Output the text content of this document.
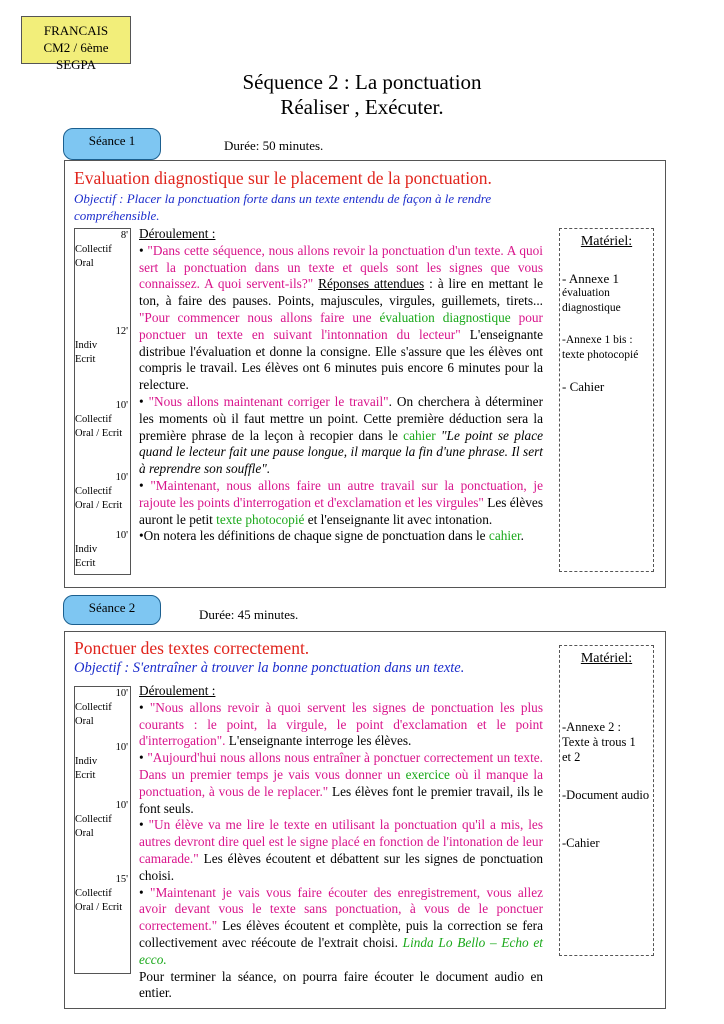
FRANCAIS
CM2 / 6ème SEGPA
Séquence 2 : La ponctuation
Réaliser , Exécuter.
Séance 1	Durée: 50 minutes.
Evaluation diagnostique sur le placement de la ponctuation.
Objectif : Placer la ponctuation forte dans un texte entendu de façon à le rendre compréhensible.
8'
Collectif
Oral
12'
Indiv
Ecrit
10'
Collectif
Oral / Ecrit
10'
Collectif
Oral / Ecrit
10'
Indiv
Ecrit
Déroulement :
• "Dans cette séquence, nous allons revoir la ponctuation d'un texte. A quoi sert la ponctuation dans un texte et quels sont les signes que vous connaissez. A quoi servent-ils?" Réponses attendues : à lire en mettant le ton, à faire des pauses. Points, majuscules, virgules, guillemets, tirets... "Pour commencer nous allons faire une évaluation diagnostique pour ponctuer un texte en suivant l'intonnation du lecteur" L'enseignante distribue l'évaluation et donne la consigne. Elle s'assure que les élèves ont compris le travail. Les élèves ont 6 minutes puis encore 6 minutes pour la relecture.
• "Nous allons maintenant corriger le travail". On cherchera à déterminer les moments où il faut mettre un point. Cette première déduction sera la première phrase de la leçon à recopier dans le cahier "Le point se place quand le lecteur fait une pause longue, il marque la fin d'une phrase. Il sert à reprendre son souffle".
• "Maintenant, nous allons faire un autre travail sur la ponctuation, je rajoute les points d'interrogation et d'exclamation et les virgules" Les élèves auront le petit texte photocopié et l'enseignante lit avec intonation.
•On notera les définitions de chaque signe de ponctuation dans le cahier.
Matériel:
- Annexe 1
évaluation
diagnostique
-Annexe 1 bis :
texte photocopié
- Cahier
Séance 2	Durée: 45 minutes.
Ponctuer des textes correctement.
Objectif : S'entraîner à trouver la bonne ponctuation dans un texte.
10'
Collectif
Oral
10'
Indiv
Ecrit
10'
Collectif
Oral
15'
Collectif
Oral / Ecrit
Déroulement :
• "Nous allons revoir à quoi servent les signes de ponctuation les plus courants : le point, la virgule, le point d'exclamation et le point d'interrogation". L'enseignante interroge les élèves.
• "Aujourd'hui nous allons nous entraîner à ponctuer correctement un texte. Dans un premier temps je vais vous donner un exercice où il manque la ponctuation, à vous de le replacer." Les élèves font le premier travail, ils le font seuls.
• "Un élève va me lire le texte en utilisant la ponctuation qu'il a mis, les autres devront dire quel est le signe placé en fonction de l'intonation de leur camarade." Les élèves écoutent et débattent sur les signes de ponctuation choisi.
• "Maintenant je vais vous faire écouter des enregistrement, vous allez avoir devant vous le texte sans ponctuation, à vous de le ponctuer correctement." Les élèves écoutent et complète, puis la correction se fera collectivement avec réécoute de l'extrait choisi. Linda Lo Bello – Echo et ecco.
Pour terminer la séance, on pourra faire écouter le document audio en entier.
Matériel:
-Annexe 2 :
Texte à trous 1
et 2
-Document audio
-Cahier
